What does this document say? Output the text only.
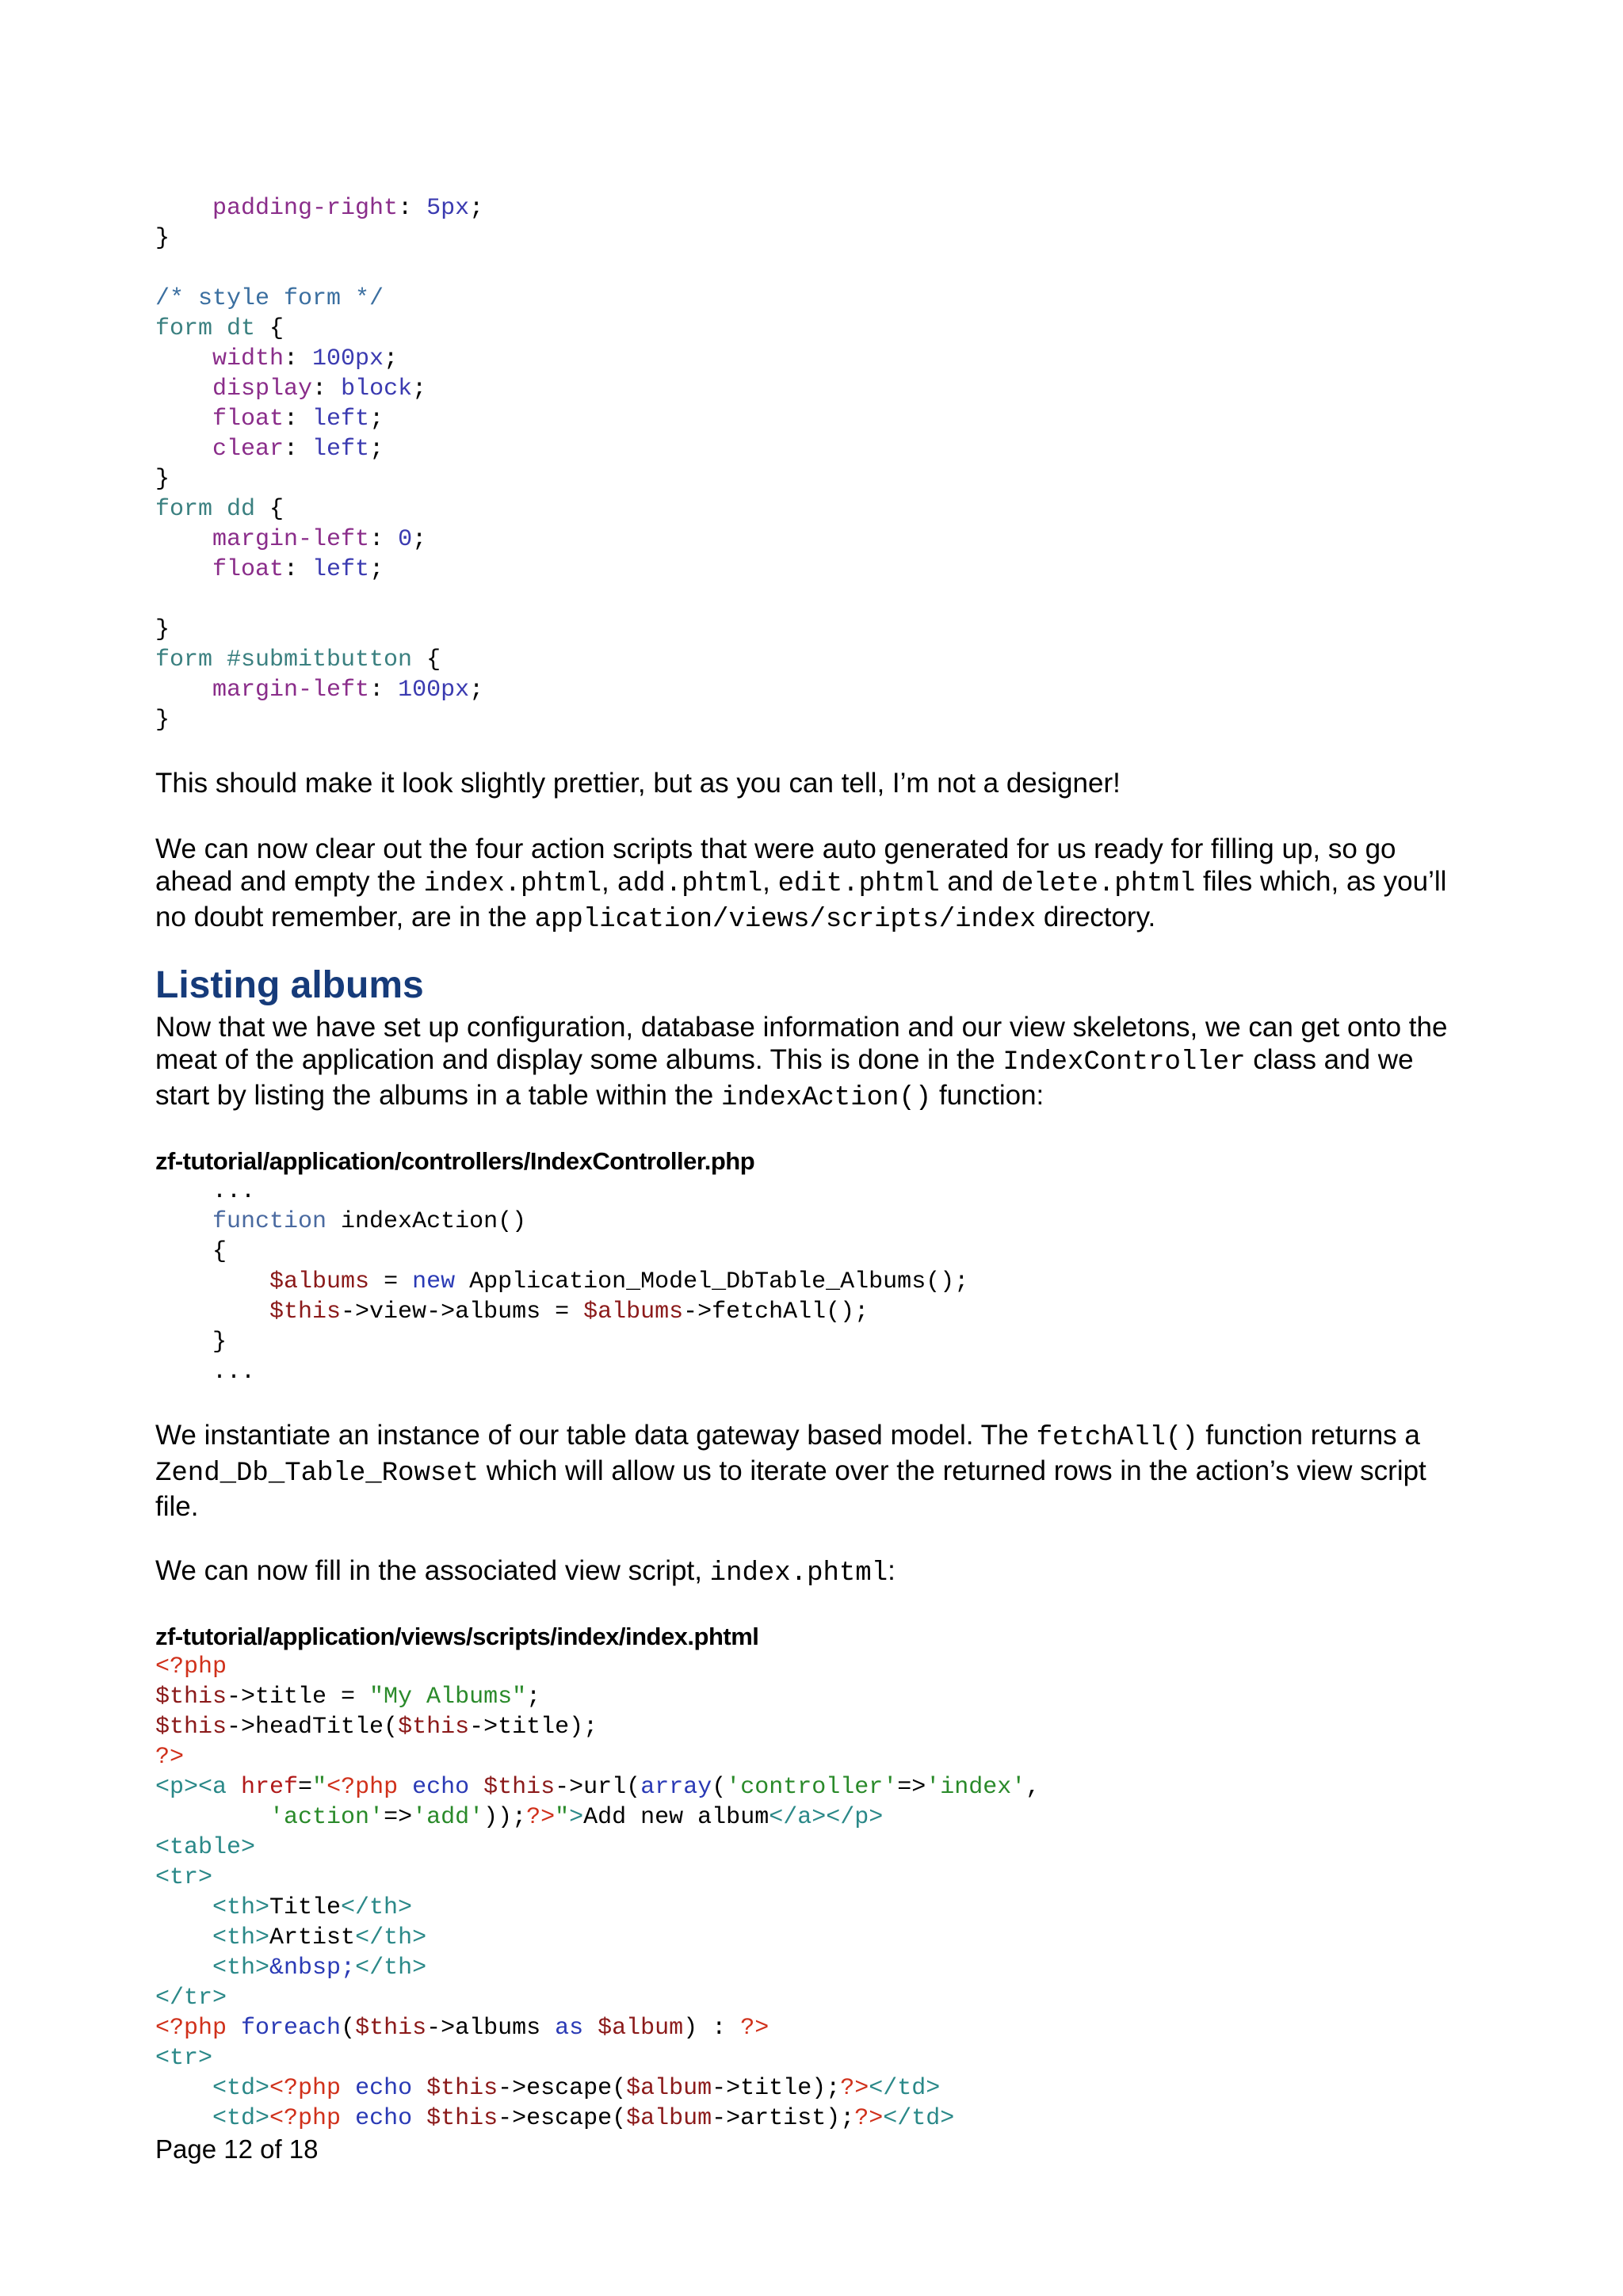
padding-right: 5px;
}

/* style form */
form dt {
width: 100px;
display: block;
float: left;
clear: left;
}
form dd {
margin-left: 0;
float: left;

}
form #submitbutton {
margin-left: 100px;
}

This should make it look slightly prettier, but as you can tell, I’m not a designer!

We can now clear out the four action scripts that were auto generated for us ready for filling up, so go ahead and empty the index.phtml, add.phtml, edit.phtml and delete.phtml files which, as you’ll no doubt remember, are in the application/views/scripts/index directory.

Listing albums

Now that we have set up configuration, database information and our view skeletons, we can get onto the meat of the application and display some albums. This is done in the IndexController class and we start by listing the albums in a table within the indexAction() function:

zf-tutorial/application/controllers/IndexController.php
...
function indexAction()
{
$albums = new Application_Model_DbTable_Albums();
$this->view->albums = $albums->fetchAll();
}
...

We instantiate an instance of our table data gateway based model. The fetchAll() function returns a Zend_Db_Table_Rowset which will allow us to iterate over the returned rows in the action’s view script file.

We can now fill in the associated view script, index.phtml:

zf-tutorial/application/views/scripts/index/index.phtml
<?php
$this->title = "My Albums";
$this->headTitle($this->title);
?>
<p><a href="<?php echo $this->url(array('controller'=>'index',
'action'=>'add'));?>">Add new album</a></p>
<table>
<tr>
<th>Title</th>
<th>Artist</th>
<th>&nbsp;</th>
</tr>
<?php foreach($this->albums as $album) : ?>
<tr>
<td><?php echo $this->escape($album->title);?></td>
<td><?php echo $this->escape($album->artist);?></td>
Page 12 of 18
